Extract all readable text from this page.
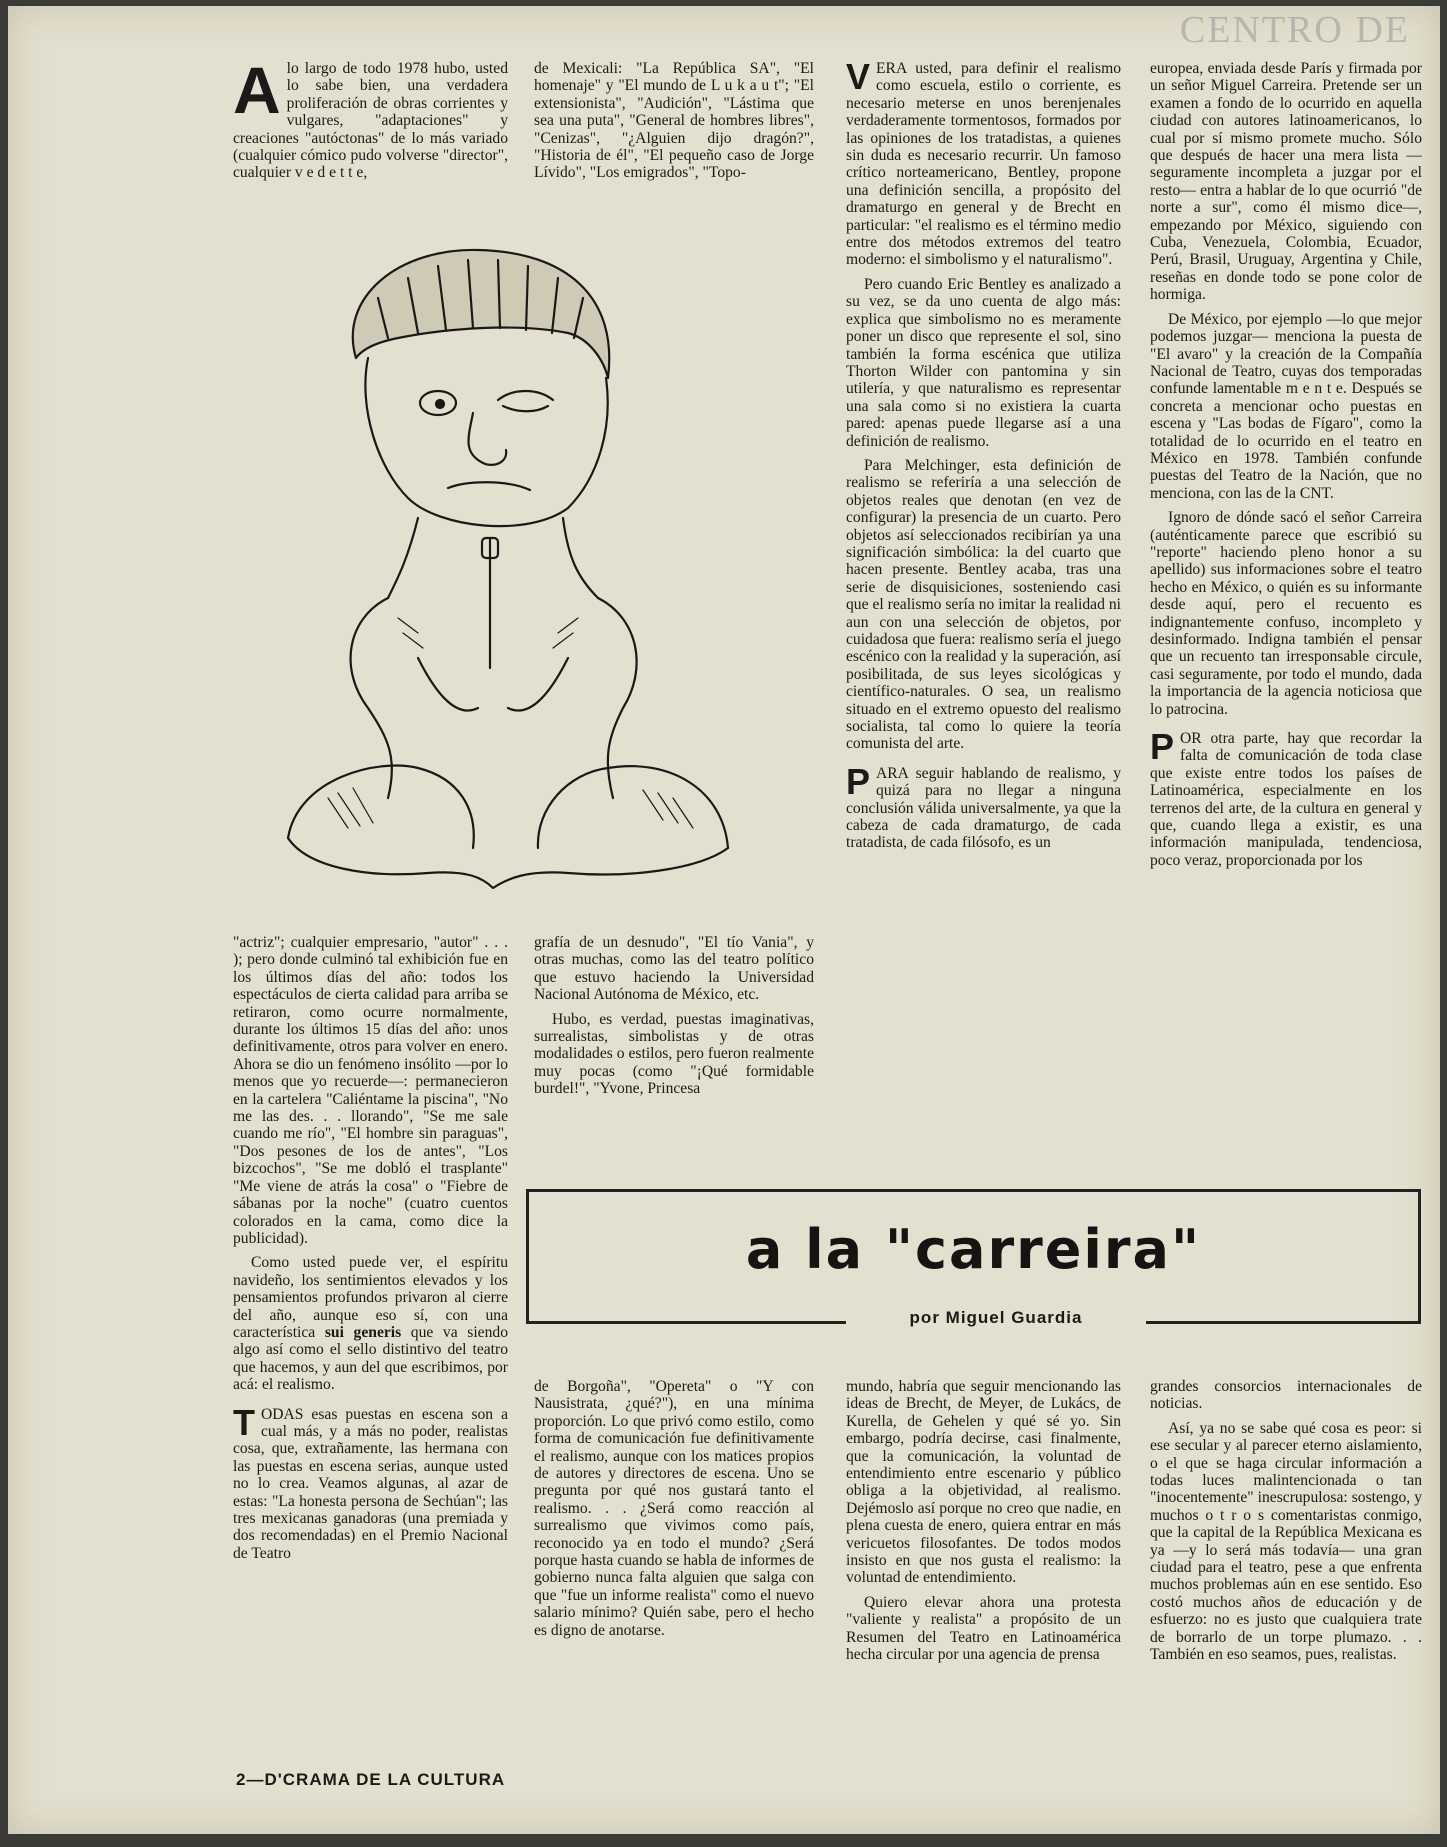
CENTRO DE

Alo largo de todo 1978 hubo, usted lo sabe bien, una verdadera proliferación de obras corrientes y vulgares, "adaptaciones" y creaciones "autóctonas" de lo más variado (cualquier cómico pudo volverse "director", cualquier v e d e t t e,

de Mexicali: "La República SA", "El homenaje" y "El mundo de L u k a u t"; "El extensionista", "Audición", "Lástima que sea una puta", "General de hombres libres", "Cenizas", "¿Alguien dijo dragón?", "Historia de él", "El pequeño caso de Jorge Lívido", "Los emigrados", "Topo-

VERA usted, para definir el realismo como escuela, estilo o corriente, es necesario meterse en unos berenjenales verdaderamente tormentosos, formados por las opiniones de los tratadistas, a quienes sin duda es necesario recurrir. Un famoso crítico norteamericano, Bentley, propone una definición sencilla, a propósito del dramaturgo en general y de Brecht en particular: "el realismo es el término medio entre dos métodos extremos del teatro moderno: el simbolismo y el naturalismo".

Pero cuando Eric Bentley es analizado a su vez, se da uno cuenta de algo más: explica que simbolismo no es meramente poner un disco que represente el sol, sino también la forma escénica que utiliza Thorton Wilder con pantomina y sin utilería, y que naturalismo es representar una sala como si no existiera la cuarta pared: apenas puede llegarse así a una definición de realismo.

Para Melchinger, esta definición de realismo se referiría a una selección de objetos reales que denotan (en vez de configurar) la presencia de un cuarto. Pero objetos así seleccionados recibirían ya una significación simbólica: la del cuarto que hacen presente. Bentley acaba, tras una serie de disquisiciones, sosteniendo casi que el realismo sería no imitar la realidad ni aun con una selección de objetos, por cuidadosa que fuera: realismo sería el juego escénico con la realidad y la superación, así posibilitada, de sus leyes sicológicas y científico-naturales. O sea, un realismo situado en el extremo opuesto del realismo socialista, tal como lo quiere la teoría comunista del arte.

PARA seguir hablando de realismo, y quizá para no llegar a ninguna conclusión válida universalmente, ya que la cabeza de cada dramaturgo, de cada tratadista, de cada filósofo, es un

europea, enviada desde París y firmada por un señor Miguel Carreira. Pretende ser un examen a fondo de lo ocurrido en aquella ciudad con autores latinoamericanos, lo cual por sí mismo promete mucho. Sólo que después de hacer una mera lista —seguramente incompleta a juzgar por el resto— entra a hablar de lo que ocurrió "de norte a sur", como él mismo dice—, empezando por México, siguiendo con Cuba, Venezuela, Colombia, Ecuador, Perú, Brasil, Uruguay, Argentina y Chile, reseñas en donde todo se pone color de hormiga.

De México, por ejemplo —lo que mejor podemos juzgar— menciona la puesta de "El avaro" y la creación de la Compañía Nacional de Teatro, cuyas dos temporadas confunde lamentable m e n t e. Después se concreta a mencionar ocho puestas en escena y "Las bodas de Fígaro", como la totalidad de lo ocurrido en el teatro en México en 1978. También confunde puestas del Teatro de la Nación, que no menciona, con las de la CNT.

Ignoro de dónde sacó el señor Carreira (auténticamente parece que escribió su "reporte" haciendo pleno honor a su apellido) sus informaciones sobre el teatro hecho en México, o quién es su informante desde aquí, pero el recuento es indignantemente confuso, incompleto y desinformado. Indigna también el pensar que un recuento tan irresponsable circule, casi seguramente, por todo el mundo, dada la importancia de la agencia noticiosa que lo patrocina.

POR otra parte, hay que recordar la falta de comunicación de toda clase que existe entre todos los países de Latinoamérica, especialmente en los terrenos del arte, de la cultura en general y que, cuando llega a existir, es una información manipulada, tendenciosa, poco veraz, proporcionada por los

"actriz"; cualquier empresario, "autor" . . . ); pero donde culminó tal exhibición fue en los últimos días del año: todos los espectáculos de cierta calidad para arriba se retiraron, como ocurre normalmente, durante los últimos 15 días del año: unos definitivamente, otros para volver en enero. Ahora se dio un fenómeno insólito —por lo menos que yo recuerde—: permanecieron en la cartelera "Caliéntame la piscina", "No me las des. . . llorando", "Se me sale cuando me río", "El hombre sin paraguas", "Dos pesones de los de antes", "Los bizcochos", "Se me dobló el trasplante" "Me viene de atrás la cosa" o "Fiebre de sábanas por la noche" (cuatro cuentos colorados en la cama, como dice la publicidad).

Como usted puede ver, el espíritu navideño, los sentimientos elevados y los pensamientos profundos privaron al cierre del año, aunque eso sí, con una característica sui generis que va siendo algo así como el sello distintivo del teatro que hacemos, y aun del que escribimos, por acá: el realismo.

TODAS esas puestas en escena son a cual más, y a más no poder, realistas cosa, que, extrañamente, las hermana con las puestas en escena serias, aunque usted no lo crea. Veamos algunas, al azar de estas: "La honesta persona de Sechúan"; las tres mexicanas ganadoras (una premiada y dos recomendadas) en el Premio Nacional de Teatro

grafía de un desnudo", "El tío Vania", y otras muchas, como las del teatro político que estuvo haciendo la Universidad Nacional Autónoma de México, etc.

Hubo, es verdad, puestas imaginativas, surrealistas, simbolistas y de otras modalidades o estilos, pero fueron realmente muy pocas (como "¡Qué formidable burdel!", "Yvone, Princesa

a la "carreira"
por Miguel Guardia

de Borgoña", "Opereta" o "Y con Nausistrata, ¿qué?"), en una mínima proporción. Lo que privó como estilo, como forma de comunicación fue definitivamente el realismo, aunque con los matices propios de autores y directores de escena. Uno se pregunta por qué nos gustará tanto el realismo. . . ¿Será como reacción al surrealismo que vivimos como país, reconocido ya en todo el mundo? ¿Será porque hasta cuando se habla de informes de gobierno nunca falta alguien que salga con que "fue un informe realista" como el nuevo salario mínimo? Quién sabe, pero el hecho es digno de anotarse.

mundo, habría que seguir mencionando las ideas de Brecht, de Meyer, de Lukács, de Kurella, de Gehelen y qué sé yo. Sin embargo, podría decirse, casi finalmente, que la comunicación, la voluntad de entendimiento entre escenario y público obliga a la objetividad, al realismo. Dejémoslo así porque no creo que nadie, en plena cuesta de enero, quiera entrar en más vericuetos filosofantes. De todos modos insisto en que nos gusta el realismo: la voluntad de entendimiento.

Quiero elevar ahora una protesta "valiente y realista" a propósito de un Resumen del Teatro en Latinoamérica hecha circular por una agencia de prensa

grandes consorcios internacionales de noticias.

Así, ya no se sabe qué cosa es peor: si ese secular y al parecer eterno aislamiento, o el que se haga circular información a todas luces malintencionada o tan "inocentemente" inescrupulosa: sostengo, y muchos o t r o s comentaristas conmigo, que la capital de la República Mexicana es ya —y lo será más todavía— una gran ciudad para el teatro, pese a que enfrenta muchos problemas aún en ese sentido. Eso costó muchos años de educación y de esfuerzo: no es justo que cualquiera trate de borrarlo de un torpe plumazo. . . También en eso seamos, pues, realistas.

2—D'CRAMA DE LA CULTURA
